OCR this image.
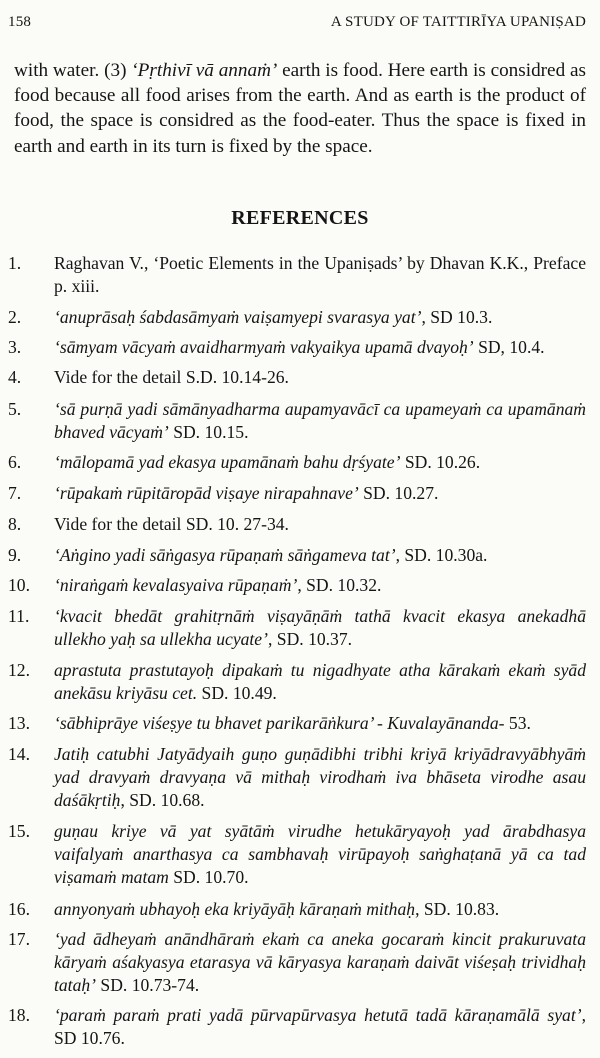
158	A STUDY OF TAITTIRĪYA UPANIṢAD
with water. (3) ‘Pṛthivī vā annaṁ’ earth is food. Here earth is considred as food because all food arises from the earth. And as earth is the product of food, the space is considred as the food-eater. Thus the space is fixed in earth and earth in its turn is fixed by the space.
REFERENCES
1. Raghavan V., ‘Poetic Elements in the Upaniṣads’ by Dhavan K.K., Preface p. xiii.
2. ‘anuprāsaḥ śabdasāmyaṁ vaiṣamyepi svarasya yat’, SD 10.3.
3. ‘sāmyam vācyaṁ avaidharmyaṁ vakyaikya upamā dvayoḥ’ SD, 10.4.
4. Vide for the detail S.D. 10.14-26.
5. ‘sā purṇā yadi sāmānyadharma aupamyavācī ca upameyaṁ ca upamānaṁ bhaved vācyaṁ’ SD. 10.15.
6. ‘mālopamā yad ekasya upamānaṁ bahu dṛśyate’ SD. 10.26.
7. ‘rūpakaṁ rūpitāropād viṣaye nirapahnave’ SD. 10.27.
8. Vide for the detail SD. 10. 27-34.
9. ‘Aṅgino yadi sāṅgasya rūpaṇaṁ sāṅgameva tat’, SD. 10.30a.
10. ‘niraṅgaṁ kevalasyaiva rūpaṇaṁ’, SD. 10.32.
11. ‘kvacit bhedāt grahitṛnāṁ viṣayāṇāṁ tathā kvacit ekasya anekadhā ullekho yaḥ sa ullekha ucyate’, SD. 10.37.
12. aprastuta prastutayoḥ dipakaṁ tu nigadhyate atha kārakaṁ ekaṁ syād anekāsu kriyāsu cet. SD. 10.49.
13. ‘sābhiprāye viśeṣye tu bhavet parikarāṅkura’ - Kuvalayānanda- 53.
14. Jatiḥ catubhi Jatyādyaih guṇo guṇādibhi tribhi kriyā kriyādravyābhyāṁ yad dravyaṁ dravyaṇa vā mithaḥ virodhaṁ iva bhāseta virodhe asau daśākṛtiḥ, SD. 10.68.
15. guṇau kriye vā yat syātāṁ virudhe hetukāryayoḥ yad ārabdhasya vaifalyaṁ anarthasya ca sambhavaḥ virūpayoḥ saṅghaṭanā yā ca tad viṣamaṁ matam SD. 10.70.
16. annyonyaṁ ubhayoḥ eka kriyāyāḥ kāraṇaṁ mithaḥ, SD. 10.83.
17. ‘yad ādheyaṁ anāndhāraṁ ekaṁ ca aneka gocaraṁ kincit prakuruvata kāryaṁ aśakyasya etarasya vā kāryasya karaṇaṁ daivāt viśeṣaḥ trividhaḥ tataḥ’ SD. 10.73-74.
18. ‘paraṁ paraṁ prati yadā pūrvapūrvasya hetutā tadā kāraṇamālā syat’, SD 10.76.
